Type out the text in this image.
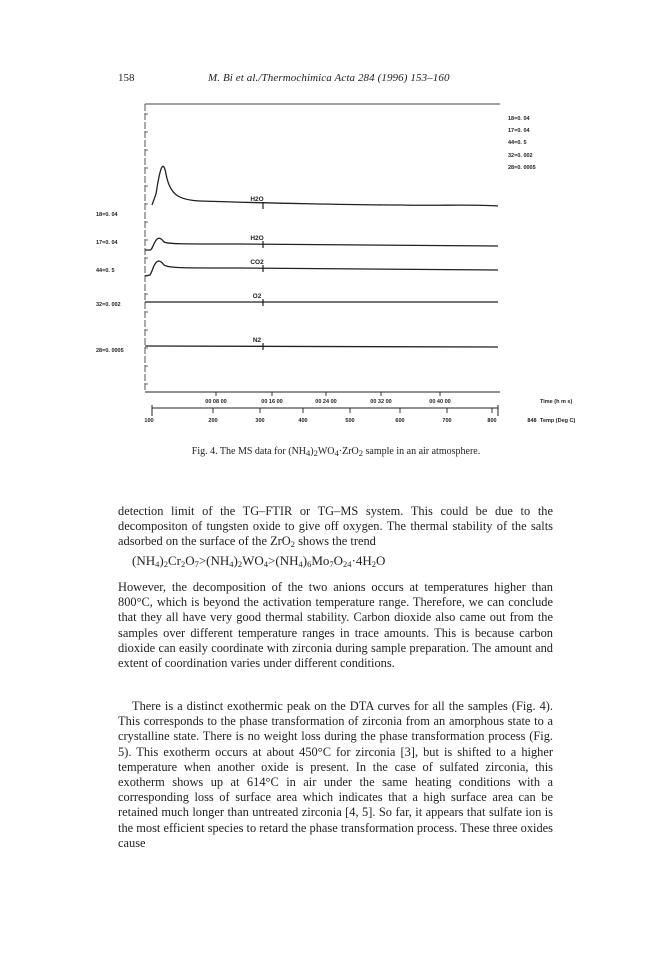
158	M. Bi et al./Thermochimica Acta 284 (1996) 153–160
H2O
H2O
CO2
O2
N2
18=0. 04
17=0. 04
44=0. 5
32=0. 002
28=0. 0005
18=0. 04
17=0. 04
44=0. 5
32=0. 002
28=0. 0005
00 08 00	00 16 00	00 24 00	00 32 00	00 40 00
100	200	300	400	500	600	700	800	848
Time (h m s)
Temp (Deg C)
Fig. 4. The MS data for $(NH_4)_2WO_4\cdot ZrO_2$ sample in an air atmosphere.

detection limit of the TG–FTIR or TG–MS system. This could be due to the decompositon of tungsten oxide to give off oxygen. The thermal stability of the salts adsorbed on the surface of the ZrO$_2$ shows the trend

$(NH_4)_2Cr_2O_7>(NH_4)_2WO_4>(NH_4)_6Mo_7O_{24}\cdot 4H_2O$

However, the decomposition of the two anions occurs at temperatures higher than 800°C, which is beyond the activation temperature range. Therefore, we can conclude that they all have very good thermal stability. Carbon dioxide also came out from the samples over different temperature ranges in trace amounts. This is because carbon dioxide can easily coordinate with zirconia during sample preparation. The amount and extent of coordination varies under different conditions.

There is a distinct exothermic peak on the DTA curves for all the samples (Fig. 4). This corresponds to the phase transformation of zirconia from an amorphous state to a crystalline state. There is no weight loss during the phase transformation process (Fig. 5). This exotherm occurs at about 450°C for zirconia [3], but is shifted to a higher temperature when another oxide is present. In the case of sulfated zirconia, this exotherm shows up at 614°C in air under the same heating conditions with a corresponding loss of surface area which indicates that a high surface area can be retained much longer than untreated zirconia [4, 5]. So far, it appears that sulfate ion is the most efficient species to retard the phase transformation process. These three oxides cause
